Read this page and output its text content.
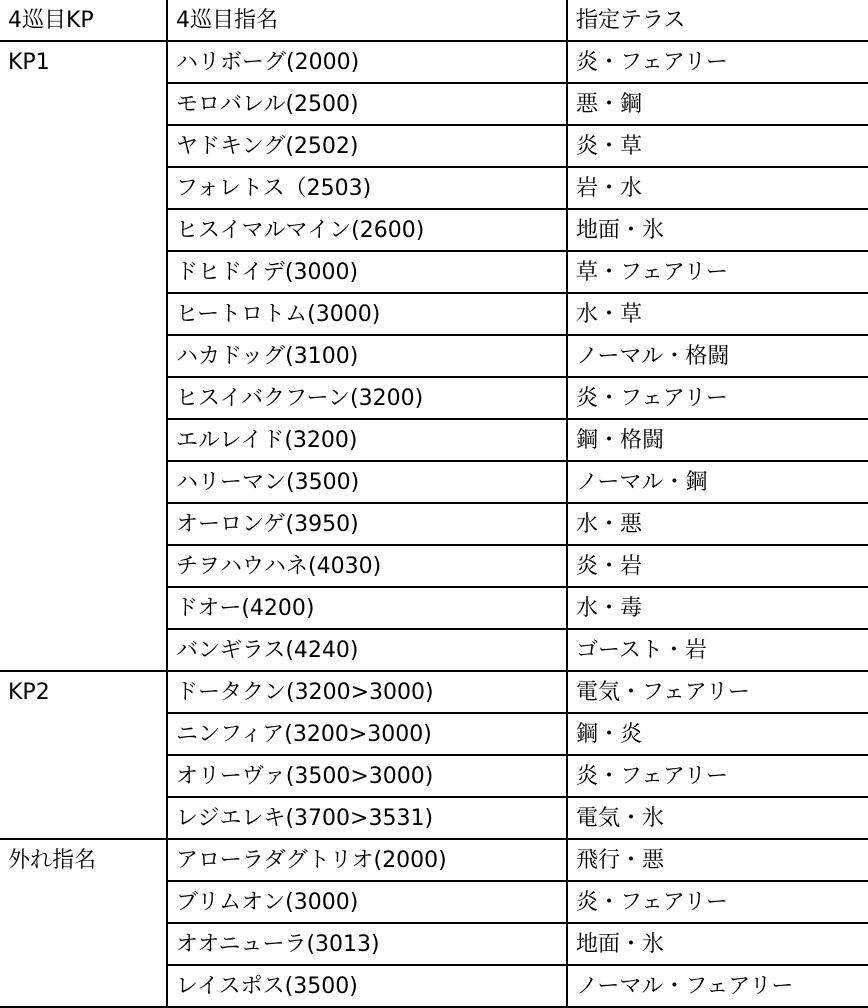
4巡目KP	4巡目指名	指定テラス
KP1	ハリボーグ(2000)	炎・フェアリー
モロバレル(2500)	悪・鋼
ヤドキング(2502)	炎・草
フォレトス（2503)	岩・水
ヒスイマルマイン(2600)	地面・氷
ドヒドイデ(3000)	草・フェアリー
ヒートロトム(3000)	水・草
ハカドッグ(3100)	ノーマル・格闘
ヒスイバクフーン(3200)	炎・フェアリー
エルレイド(3200)	鋼・格闘
ハリーマン(3500)	ノーマル・鋼
オーロンゲ(3950)	水・悪
チヲハウハネ(4030)	炎・岩
ドオー(4200)	水・毒
バンギラス(4240)	ゴースト・岩
KP2	ドータクン(3200>3000)	電気・フェアリー
ニンフィア(3200>3000)	鋼・炎
オリーヴァ(3500>3000)	炎・フェアリー
レジエレキ(3700>3531)	電気・氷
外れ指名	アローラダグトリオ(2000)	飛行・悪
ブリムオン(3000)	炎・フェアリー
オオニューラ(3013)	地面・氷
レイスポス(3500)	ノーマル・フェアリー
